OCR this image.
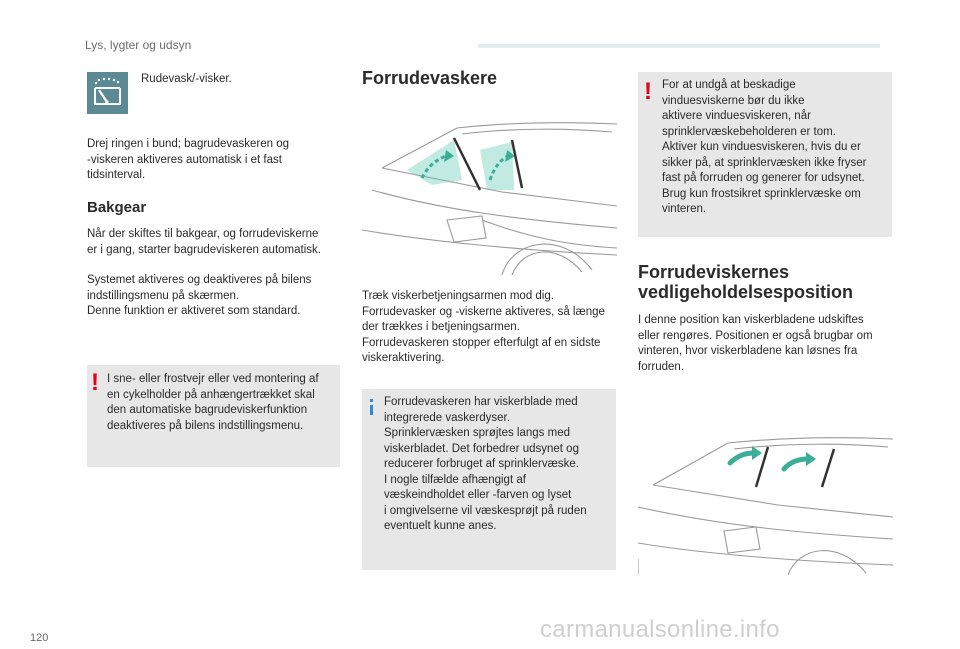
Lys, lygter og udsyn
Rudevask/-visker.
Drej ringen i bund; bagrudevaskeren og
-viskeren aktiveres automatisk i et fast
tidsinterval.
Bakgear
Når der skiftes til bakgear, og forrudeviskerne
er i gang, starter bagrudeviskeren automatisk.
Systemet aktiveres og deaktiveres på bilens
indstillingsmenu på skærmen.
Denne funktion er aktiveret som standard.
! I sne- eller frostvejr eller ved montering af
en cykelholder på anhængertrækket skal
den automatiske bagrudeviskerfunktion
deaktiveres på bilens indstillingsmenu.
Forrudevaskere
Træk viskerbetjeningsarmen mod dig.
Forrudevasker og -viskerne aktiveres, så længe
der trækkes i betjeningsarmen.
Forrudevaskeren stopper efterfulgt af en sidste
viskeraktivering.
Forrudevaskeren har viskerblade med
integrerede vaskerdyser.
Sprinklervæsken sprøjtes langs med
viskerbladet. Det forbedrer udsynet og
reducerer forbruget af sprinklervæske.
I nogle tilfælde afhængigt af
væskeindholdet eller -farven og lyset
i omgivelserne vil væskesprøjt på ruden
eventuelt kunne anes.
! For at undgå at beskadige
vinduesviskerne bør du ikke
aktivere vinduesviskeren, når
sprinklervæskebeholderen er tom.
Aktiver kun vinduesviskeren, hvis du er
sikker på, at sprinklervæsken ikke fryser
fast på forruden og generer for udsynet.
Brug kun frostsikret sprinklervæske om
vinteren.
Forrudeviskernes
vedligeholdelsesposition
I denne position kan viskerbladene udskiftes
eller rengøres. Positionen er også brugbar om
vinteren, hvor viskerbladene kan løsnes fra
forruden.
120	carmanualsonline.info
